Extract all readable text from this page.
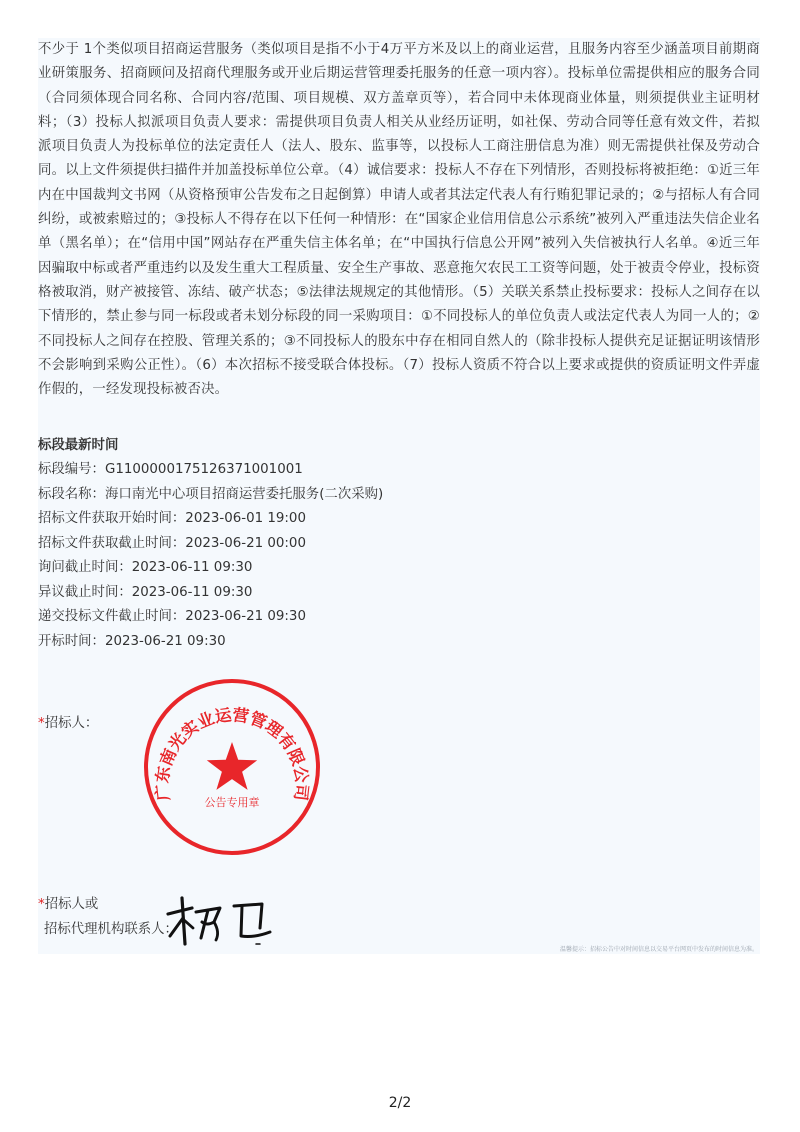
不少于 1个类似项目招商运营服务（类似项目是指不小于4万平方米及以上的商业运营，且服务内容至少涵盖项目前期商业研策服务、招商顾问及招商代理服务或开业后期运营管理委托服务的任意一项内容）。投标单位需提供相应的服务合同（合同须体现合同名称、合同内容/范围、项目规模、双方盖章页等），若合同中未体现商业体量，则须提供业主证明材料；（3）投标人拟派项目负责人要求：需提供项目负责人相关从业经历证明，如社保、劳动合同等任意有效文件，若拟派项目负责人为投标单位的法定责任人（法人、股东、监事等，以投标人工商注册信息为准）则无需提供社保及劳动合同。以上文件须提供扫描件并加盖投标单位公章。（4）诚信要求：投标人不存在下列情形，否则投标将被拒绝：①近三年内在中国裁判文书网（从资格预审公告发布之日起倒算）申请人或者其法定代表人有行贿犯罪记录的；②与招标人有合同纠纷，或被索赔过的；③投标人不得存在以下任何一种情形：在“国家企业信用信息公示系统”被列入严重违法失信企业名单（黑名单）；在“信用中国”网站存在严重失信主体名单；在“中国执行信息公开网”被列入失信被执行人名单。④近三年因骗取中标或者严重违约以及发生重大工程质量、安全生产事故、恶意拖欠农民工工资等问题，处于被责令停业，投标资格被取消，财产被接管、冻结、破产状态；⑤法律法规规定的其他情形。（5）关联关系禁止投标要求：投标人之间存在以下情形的，禁止参与同一标段或者未划分标段的同一采购项目：①不同投标人的单位负责人或法定代表人为同一人的；②不同投标人之间存在控股、管理关系的；③不同投标人的股东中存在相同自然人的（除非投标人提供充足证据证明该情形不会影响到采购公正性）。（6）本次招标不接受联合体投标。（7）投标人资质不符合以上要求或提供的资质证明文件弄虚作假的，一经发现投标被否决。

标段最新时间

标段编号：G1100000175126371001001
标段名称：海口南光中心项目招商运营委托服务(二次采购)
招标文件获取开始时间：2023-06-01 19:00
招标文件获取截止时间：2023-06-21 00:00
询问截止时间：2023-06-11 09:30
异议截止时间：2023-06-11 09:30
递交投标文件截止时间：2023-06-21 09:30
开标时间：2023-06-21 09:30
*招标人：
广东南光实业运营管理有限公司
公告专用章
*招标人或
招标代理机构联系人：
温馨提示：招标公告中对时间信息以交易平台网页中发布的时间信息为准。
2/2
